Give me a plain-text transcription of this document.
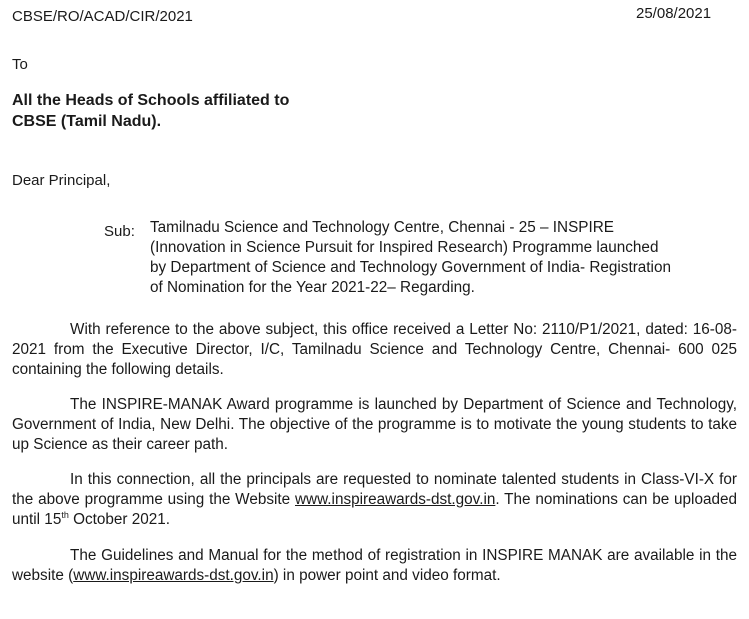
CBSE/RO/ACAD/CIR/2021	25/08/2021
To

All the Heads of Schools affiliated to
CBSE (Tamil Nadu).

Dear Principal,
Sub: Tamilnadu Science and Technology Centre, Chennai - 25 – INSPIRE
(Innovation in Science Pursuit for Inspired Research) Programme launched
by Department of Science and Technology Government of India- Registration
of Nomination for the Year 2021-22– Regarding.

With reference to the above subject, this office received a Letter No: 2110/P1/2021, dated: 16-08-2021 from the Executive Director, I/C, Tamilnadu Science and Technology Centre, Chennai- 600 025 containing the following details.

The INSPIRE-MANAK Award programme is launched by Department of Science and Technology, Government of India, New Delhi. The objective of the programme is to motivate the young students to take up Science as their career path.

In this connection, all the principals are requested to nominate talented students in Class-VI-X for the above programme using the Website www.inspireawards-dst.gov.in. The nominations can be uploaded until 15th October 2021.

The Guidelines and Manual for the method of registration in INSPIRE MANAK are available in the website (www.inspireawards-dst.gov.in) in power point and video format.
